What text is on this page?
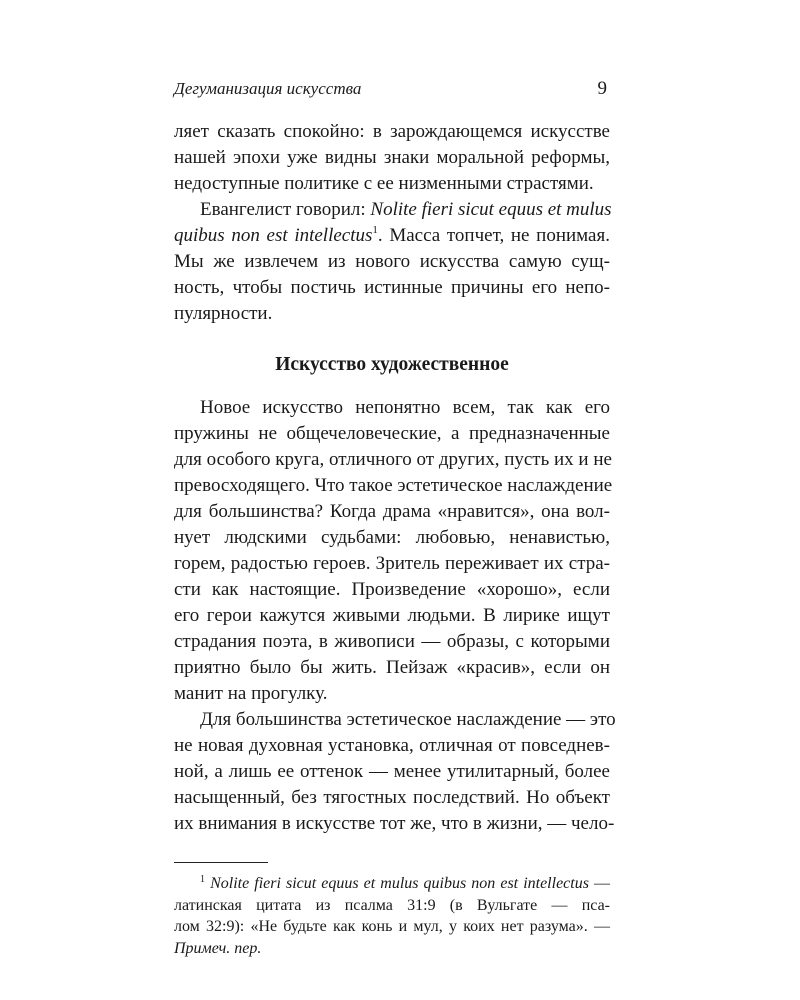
Дегуманизация искусства	9

ляет сказать спокойно: в зарождающемся искусстве

нашей эпохи уже видны знаки моральной реформы,

недоступные политике с ее низменными страстями.

Евангелист говорил: Nolite fieri sicut equus et mulus

quibus non est intellectus$^1$. Масса топчет, не понимая.

Мы же извлечем из нового искусства самую сущ-

ность, чтобы постичь истинные причины его непо-

пулярности.

Искусство художественное

Новое искусство непонятно всем, так как его

пружины не общечеловеческие, а предназначенные

для особого круга, отличного от других, пусть их и не

превосходящего. Что такое эстетическое наслаждение

для большинства? Когда драма «нравится», она вол-

нует людскими судьбами: любовью, ненавистью,

горем, радостью героев. Зритель переживает их стра-

сти как настоящие. Произведение «хорошо», если

его герои кажутся живыми людьми. В лирике ищут

страдания поэта, в живописи — образы, с которыми

приятно было бы жить. Пейзаж «красив», если он

манит на прогулку.

Для большинства эстетическое наслаждение — это

не новая духовная установка, отличная от повседнев-

ной, а лишь ее оттенок — менее утилитарный, более

насыщенный, без тягостных последствий. Но объект

их внимания в искусстве тот же, что в жизни, — чело-

$^1$ Nolite fieri sicut equus et mulus quibus non est intellectus —

латинская цитата из псалма 31:9 (в Вульгате — пса-

лом 32:9): «Не будьте как конь и мул, у коих нет разума». —

Примеч. пер.
